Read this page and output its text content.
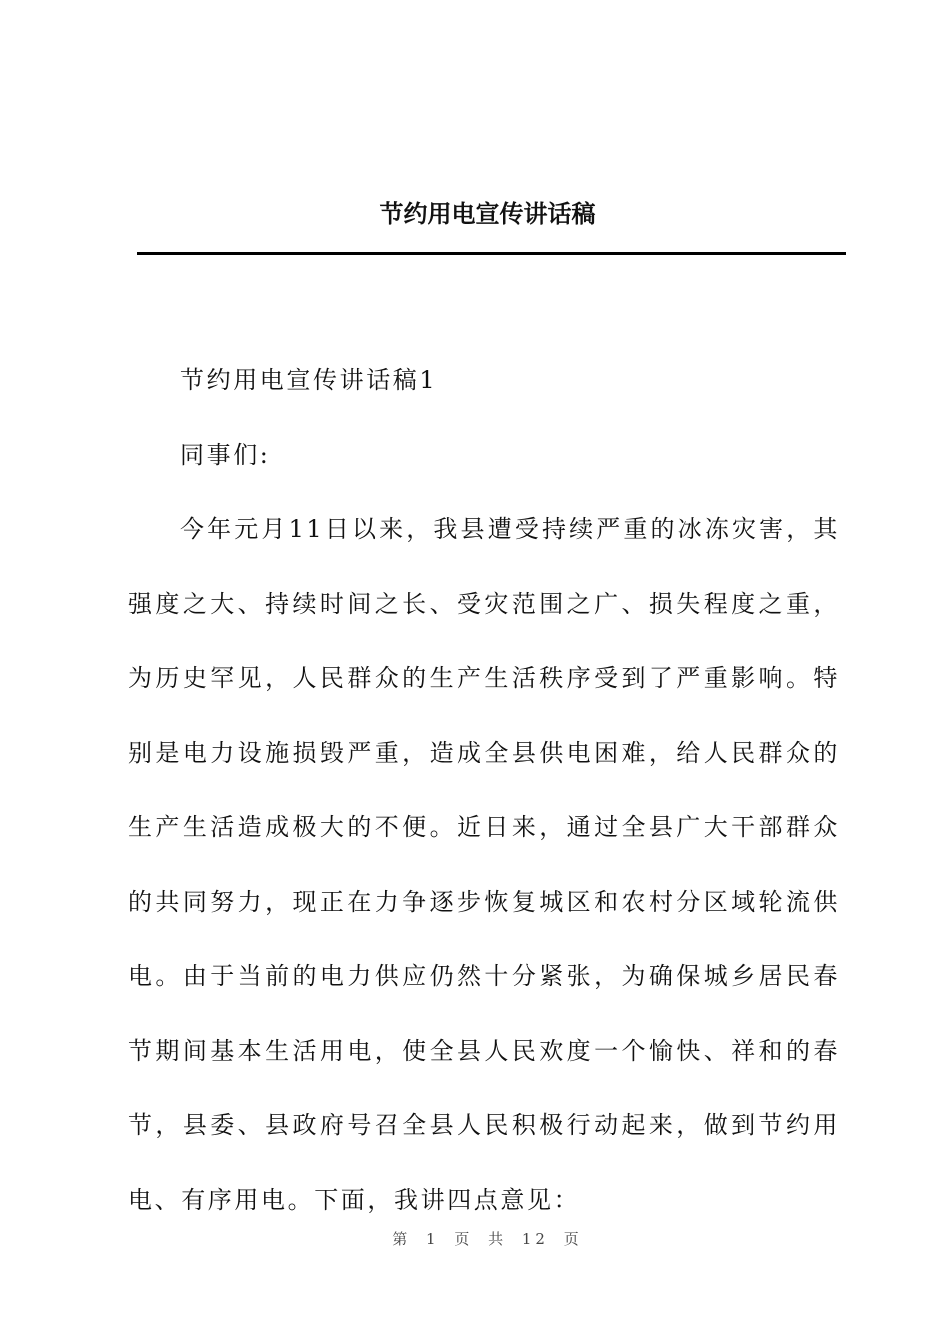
节约用电宣传讲话稿

节约用电宣传讲话稿1

同事们:

今年元月11日以来，我县遭受持续严重的冰冻灾害，其强度之大、持续时间之长、受灾范围之广、损失程度之重，为历史罕见，人民群众的生产生活秩序受到了严重影响。特别是电力设施损毁严重，造成全县供电困难，给人民群众的生产生活造成极大的不便。近日来，通过全县广大干部群众的共同努力，现正在力争逐步恢复城区和农村分区域轮流供电。由于当前的电力供应仍然十分紧张，为确保城乡居民春节期间基本生活用电，使全县人民欢度一个愉快、祥和的春节，县委、县政府号召全县人民积极行动起来，做到节约用电、有序用电。下面，我讲四点意见：

第 1 页 共 12 页
